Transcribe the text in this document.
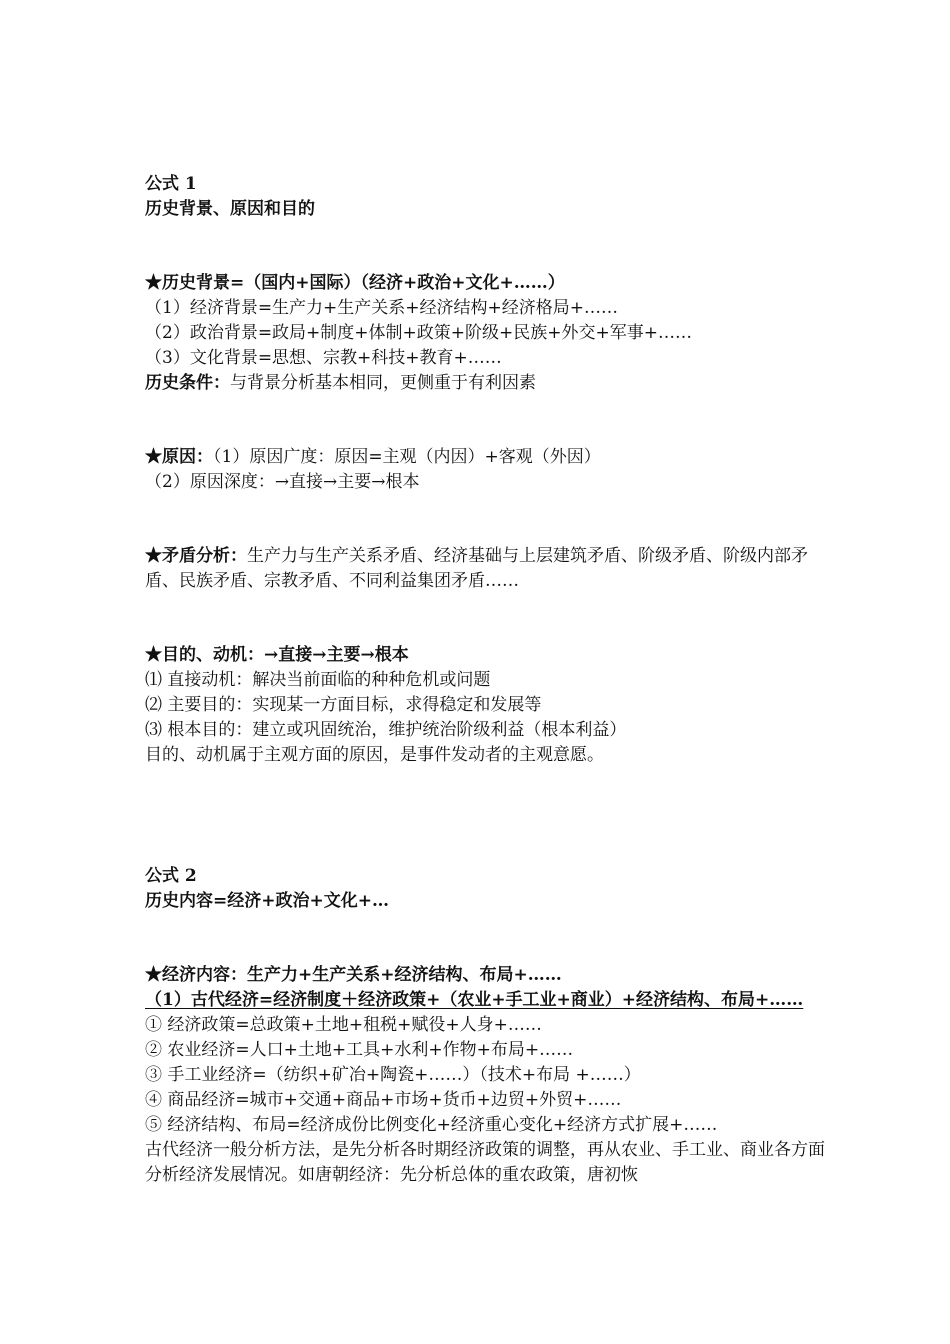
公式 1
历史背景、原因和目的
★历史背景=（国内+国际）（经济+政治+文化+……）
（1）经济背景=生产力+生产关系+经济结构+经济格局+……
（2）政治背景=政局+制度+体制+政策+阶级+民族+外交+军事+……
（3）文化背景=思想、宗教+科技+教育+……
历史条件：与背景分析基本相同，更侧重于有利因素
★原因：（1）原因广度：原因=主观（内因）+客观（外因）
（2）原因深度：→直接→主要→根本
★矛盾分析：生产力与生产关系矛盾、经济基础与上层建筑矛盾、阶级矛盾、阶级内部矛盾、民族矛盾、宗教矛盾、不同利益集团矛盾……
★目的、动机：→直接→主要→根本
⑴ 直接动机：解决当前面临的种种危机或问题
⑵ 主要目的：实现某一方面目标，求得稳定和发展等
⑶ 根本目的：建立或巩固统治，维护统治阶级利益（根本利益）
目的、动机属于主观方面的原因，是事件发动者的主观意愿。
公式 2
历史内容=经济+政治+文化+…
★经济内容：生产力+生产关系+经济结构、布局+……
（1）古代经济=经济制度＋经济政策+（农业+手工业+商业）+经济结构、布局+……
① 经济政策=总政策+土地+租税+赋役+人身+……
② 农业经济=人口+土地+工具+水利+作物+布局+……
③ 手工业经济=（纺织+矿冶+陶瓷+……）（技术+布局 +……）
④ 商品经济=城市+交通+商品+市场+货币+边贸+外贸+……
⑤ 经济结构、布局=经济成份比例变化+经济重心变化+经济方式扩展+……
古代经济一般分析方法，是先分析各时期经济政策的调整，再从农业、手工业、商业各方面分析经济发展情况。如唐朝经济：先分析总体的重农政策，唐初恢
